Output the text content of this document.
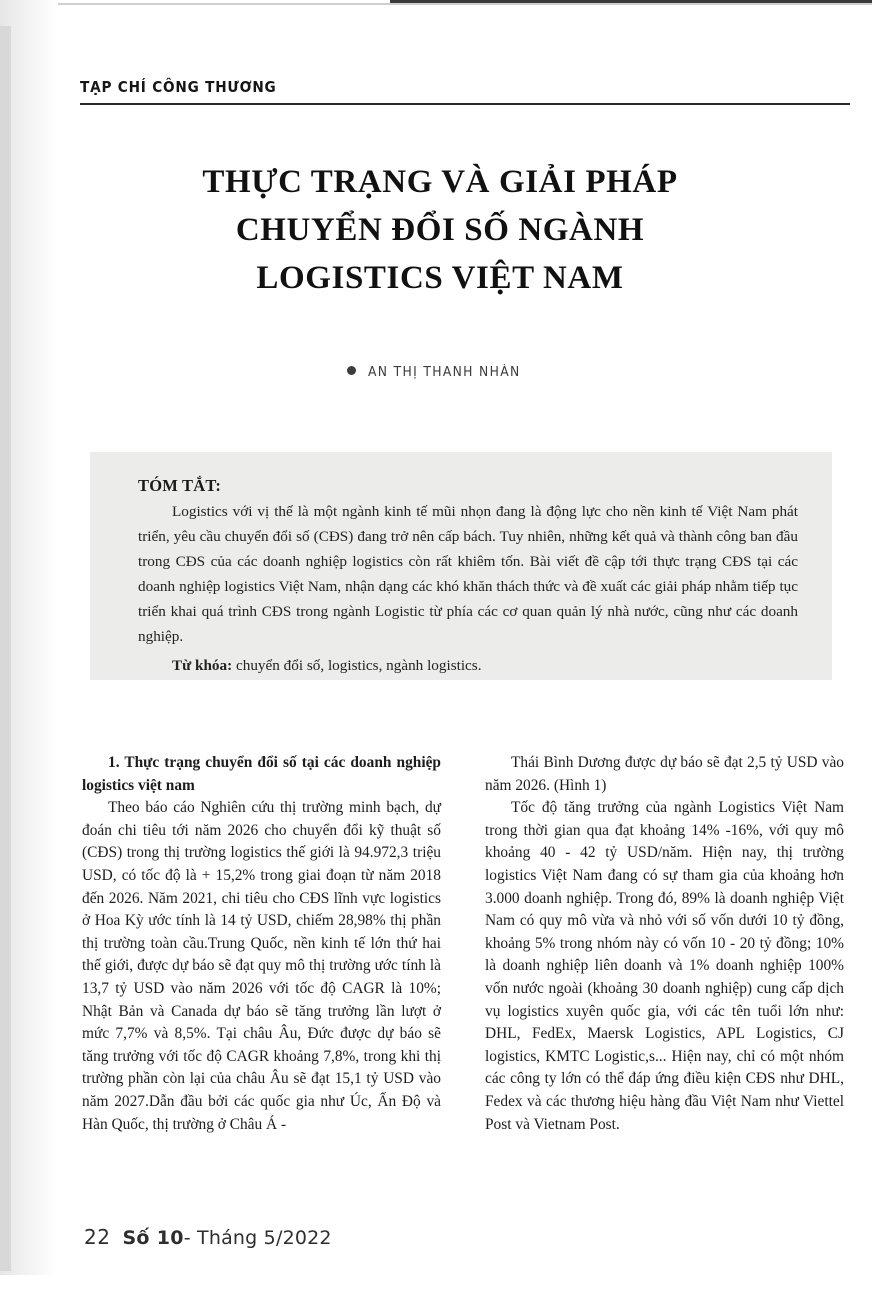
TẠP CHÍ CÔNG THƯƠNG
THỰC TRẠNG VÀ GIẢI PHÁP
CHUYỂN ĐỔI SỐ NGÀNH
LOGISTICS VIỆT NAM
AN THỊ THANH NHÀN
TÓM TẮT:
Logistics với vị thế là một ngành kinh tế mũi nhọn đang là động lực cho nền kinh tế Việt Nam phát triển, yêu cầu chuyển đổi số (CĐS) đang trở nên cấp bách. Tuy nhiên, những kết quả và thành công ban đầu trong CĐS của các doanh nghiệp logistics còn rất khiêm tốn. Bài viết đề cập tới thực trạng CĐS tại các doanh nghiệp logistics Việt Nam, nhận dạng các khó khăn thách thức và đề xuất các giải pháp nhằm tiếp tục triển khai quá trình CĐS trong ngành Logistic từ phía các cơ quan quản lý nhà nước, cũng như các doanh nghiệp.
Từ khóa: chuyển đổi số, logistics, ngành logistics.

1. Thực trạng chuyển đổi số tại các doanh nghiệp logistics việt nam

Theo báo cáo Nghiên cứu thị trường minh bạch, dự đoán chi tiêu tới năm 2026 cho chuyển đổi kỹ thuật số (CĐS) trong thị trường logistics thế giới là 94.972,3 triệu USD, có tốc độ là + 15,2% trong giai đoạn từ năm 2018 đến 2026. Năm 2021, chi tiêu cho CĐS lĩnh vực logistics ở Hoa Kỳ ước tính là 14 tỷ USD, chiếm 28,98% thị phần thị trường toàn cầu.Trung Quốc, nền kinh tế lớn thứ hai thế giới, được dự báo sẽ đạt quy mô thị trường ước tính là 13,7 tỷ USD vào năm 2026 với tốc độ CAGR là 10%; Nhật Bản và Canada dự báo sẽ tăng trưởng lần lượt ở mức 7,7% và 8,5%. Tại châu Âu, Đức được dự báo sẽ tăng trưởng với tốc độ CAGR khoảng 7,8%, trong khi thị trường phần còn lại của châu Âu sẽ đạt 15,1 tỷ USD vào năm 2027.Dẫn đầu bởi các quốc gia như Úc, Ấn Độ và Hàn Quốc, thị trường ở Châu Á -

Thái Bình Dương được dự báo sẽ đạt 2,5 tỷ USD vào năm 2026. (Hình 1)

Tốc độ tăng trưởng của ngành Logistics Việt Nam trong thời gian qua đạt khoảng 14% -16%, với quy mô khoảng 40 - 42 tỷ USD/năm. Hiện nay, thị trường logistics Việt Nam đang có sự tham gia của khoảng hơn 3.000 doanh nghiệp. Trong đó, 89% là doanh nghiệp Việt Nam có quy mô vừa và nhỏ với số vốn dưới 10 tỷ đồng, khoảng 5% trong nhóm này có vốn 10 - 20 tỷ đồng; 10% là doanh nghiệp liên doanh và 1% doanh nghiệp 100% vốn nước ngoài (khoảng 30 doanh nghiệp) cung cấp dịch vụ logistics xuyên quốc gia, với các tên tuổi lớn như: DHL, FedEx, Maersk Logistics, APL Logistics, CJ logistics, KMTC Logistic,s... Hiện nay, chỉ có một nhóm các công ty lớn có thể đáp ứng điều kiện CĐS như DHL, Fedex và các thương hiệu hàng đầu Việt Nam như Viettel Post và Vietnam Post.

22 Số 10- Tháng 5/2022
